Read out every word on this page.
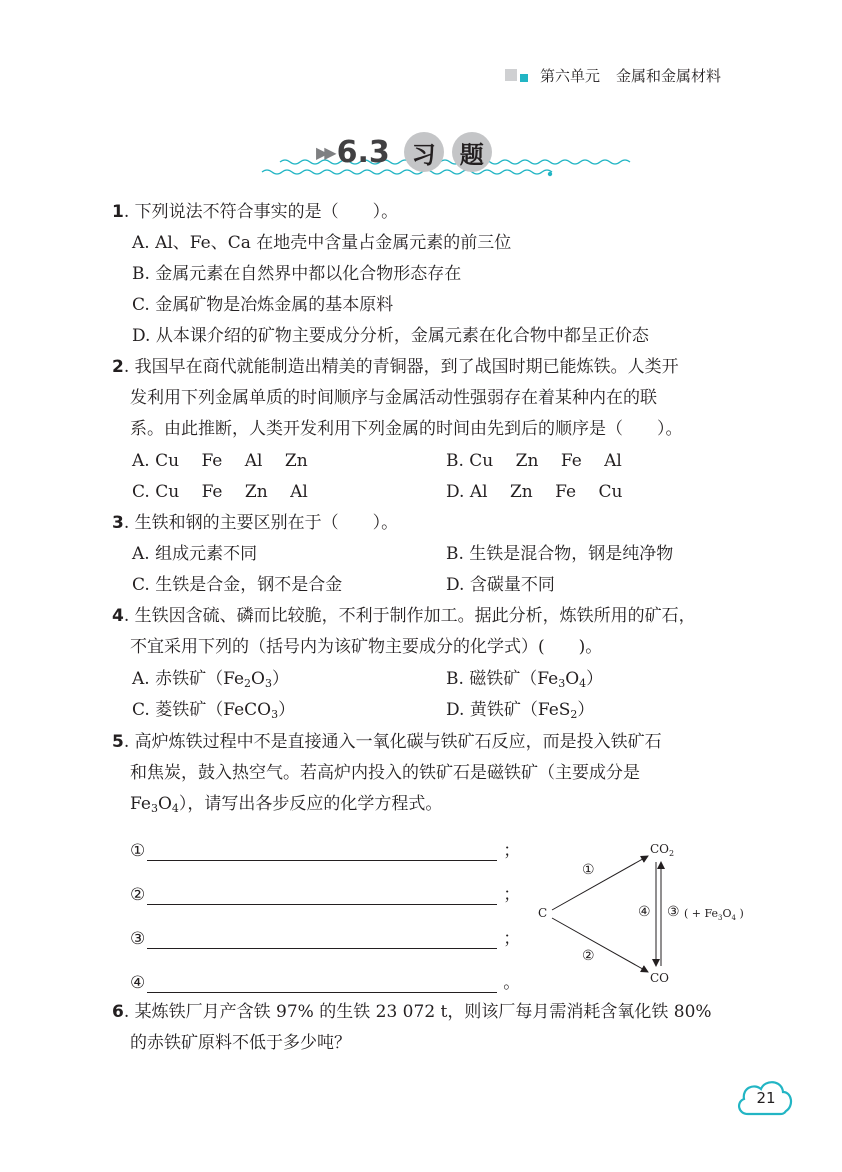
第六单元 金属和金属材料
▶▶ 6.3 习	题
1. 下列说法不符合事实的是（　　）。
A. Al、Fe、Ca 在地壳中含量占金属元素的前三位
B. 金属元素在自然界中都以化合物形态存在
C. 金属矿物是冶炼金属的基本原料
D. 从本课介绍的矿物主要成分分析，金属元素在化合物中都呈正价态
2. 我国早在商代就能制造出精美的青铜器，到了战国时期已能炼铁。人类开
发利用下列金属单质的时间顺序与金属活动性强弱存在着某种内在的联
系。由此推断，人类开发利用下列金属的时间由先到后的顺序是（　　）。
A. Cu　 Fe　 Al　 Zn	B. Cu　 Zn　 Fe　 Al
C. Cu　 Fe　 Zn　 Al	D. Al　 Zn　 Fe　 Cu
3. 生铁和钢的主要区别在于（　　）。
A. 组成元素不同	B. 生铁是混合物，钢是纯净物
C. 生铁是合金，钢不是合金	D. 含碳量不同
4. 生铁因含硫、磷而比较脆，不利于制作加工。据此分析，炼铁所用的矿石，
不宜采用下列的（括号内为该矿物主要成分的化学式）(　　)。
A. 赤铁矿$(Fe_2O_3)$	B. 磁铁矿$(Fe_3O_4)$
C. 菱铁矿（FeCO$_3$）	D. 黄铁矿（FeS$_2$）
5. 高炉炼铁过程中不是直接通入一氧化碳与铁矿石反应，而是投入铁矿石
和焦炭，鼓入热空气。若高炉内投入的铁矿石是磁铁矿（主要成分是
$Fe_3O_4$），请写出各步反应的化学方程式。
①	；
②	；
③	；
④	。
C
$CO_2$
CO
①
②
④ ③ ( + $Fe_3O_4$ )
6. 某炼铁厂月产含铁 97% 的生铁 23 072 t，则该厂每月需消耗含氧化铁 80%
的赤铁矿原料不低于多少吨？
21
